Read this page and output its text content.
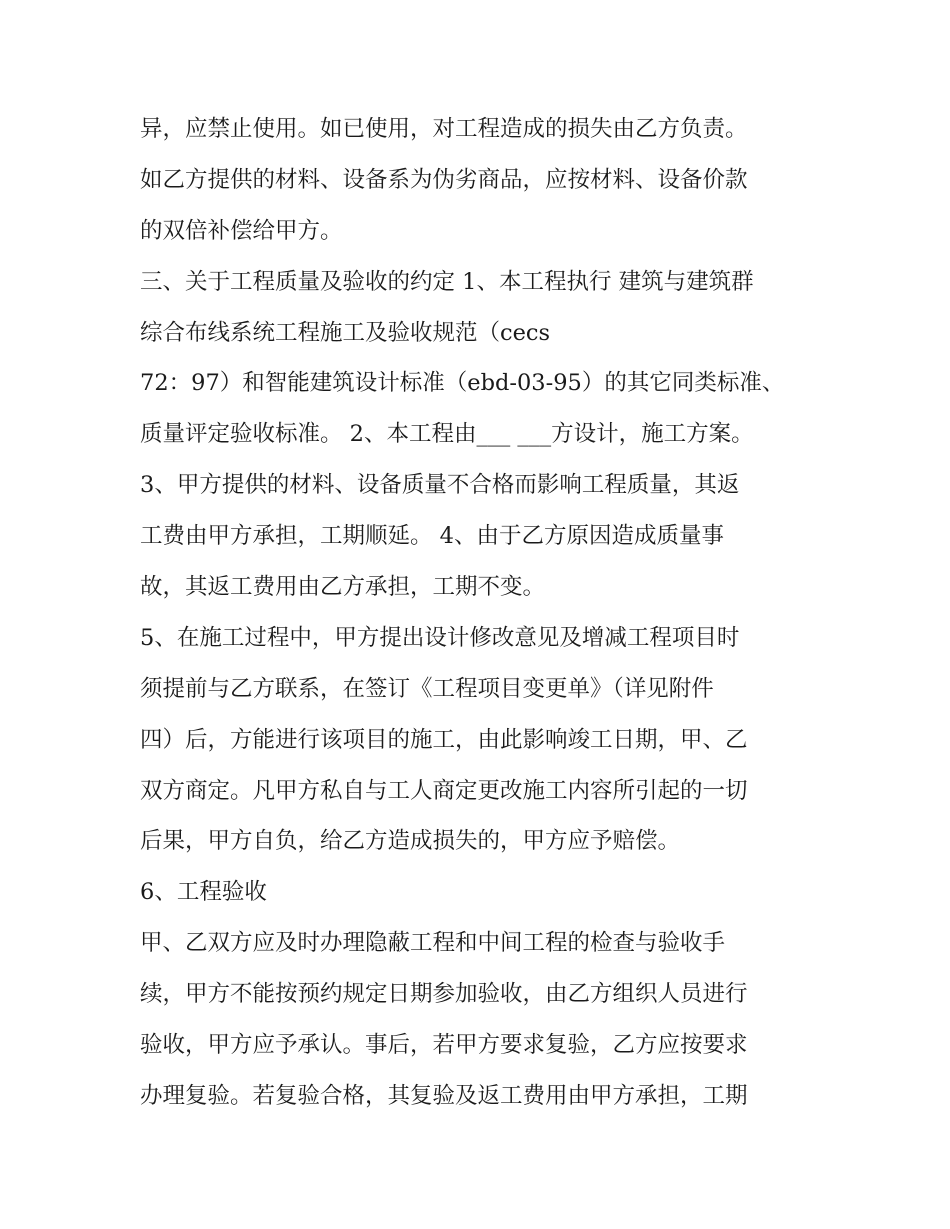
异，应禁止使用。如已使用，对工程造成的损失由乙方负责。
如乙方提供的材料、设备系为伪劣商品，应按材料、设备价款
的双倍补偿给甲方。
三、关于工程质量及验收的约定 1、本工程执行 建筑与建筑群
综合布线系统工程施工及验收规范（cecs
72：97）和智能建筑设计标准（ebd-03-95）的其它同类标准、
质量评定验收标准。 2、本工程由___ ___方设计，施工方案。
3、甲方提供的材料、设备质量不合格而影响工程质量，其返
工费由甲方承担，工期顺延。 4、由于乙方原因造成质量事
故，其返工费用由乙方承担，工期不变。
5、在施工过程中，甲方提出设计修改意见及增减工程项目时
须提前与乙方联系，在签订《工程项目变更单》（详见附件
四）后，方能进行该项目的施工，由此影响竣工日期，甲、乙
双方商定。凡甲方私自与工人商定更改施工内容所引起的一切
后果，甲方自负，给乙方造成损失的，甲方应予赔偿。
6、工程验收
甲、乙双方应及时办理隐蔽工程和中间工程的检查与验收手
续，甲方不能按预约规定日期参加验收，由乙方组织人员进行
验收，甲方应予承认。事后，若甲方要求复验，乙方应按要求
办理复验。若复验合格，其复验及返工费用由甲方承担，工期
